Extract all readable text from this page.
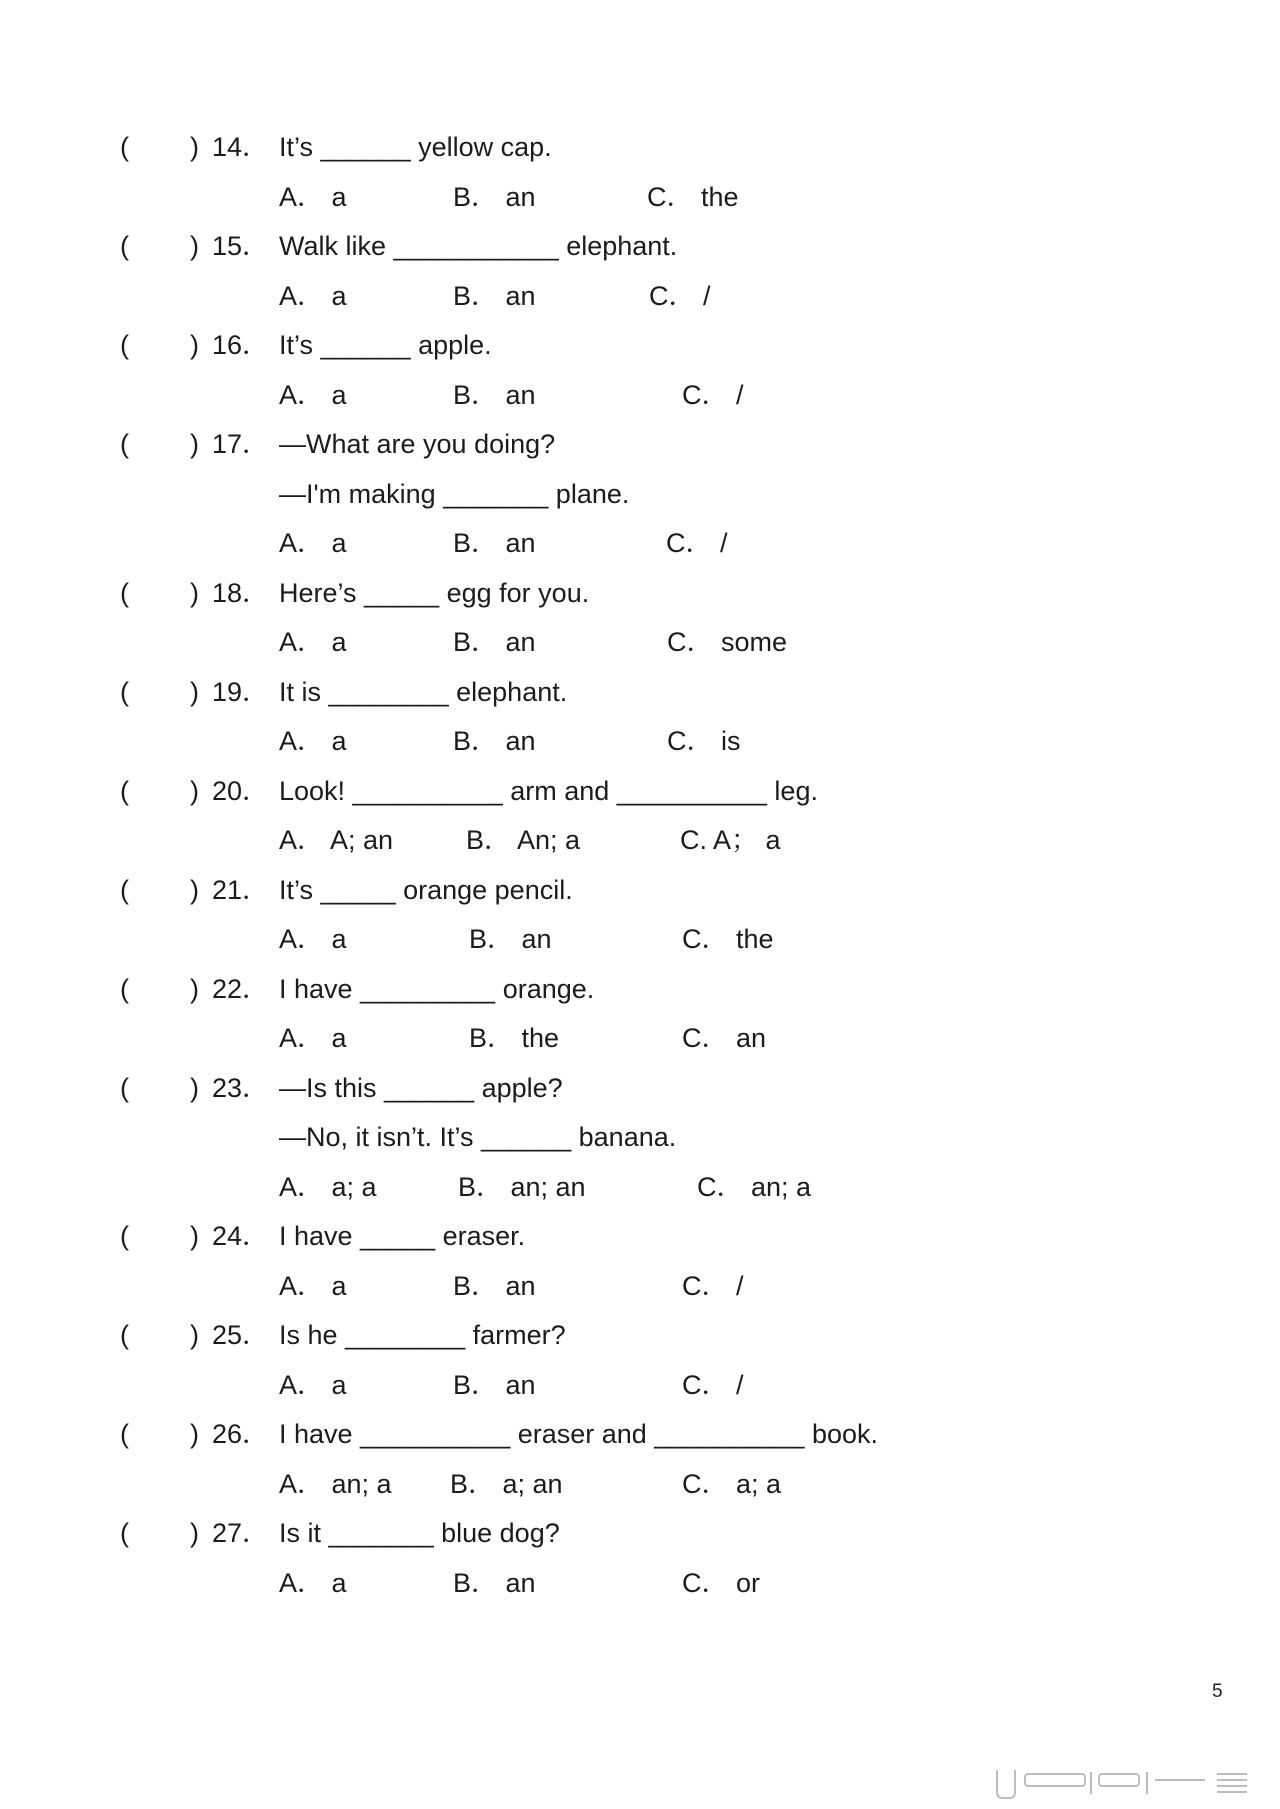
( ) 14． It’s ______ yellow cap.
A． a	B． an	C． the
( ) 15． Walk like ___________ elephant.
A． a	B． an	C． /
( ) 16． It’s ______ apple.
A． a	B． an	C． /
( ) 17． —What are you doing?
—I'm making _______ plane.
A． a	B． an	C． /
( ) 18． Here’s _____ egg for you.
A． a	B． an	C． some
( ) 19． It is ________ elephant.
A． a	B． an	C． is
( ) 20． Look! __________ arm and __________ leg.
A． A; an	B． An; a	C. A； a
( ) 21． It’s _____ orange pencil.
A． a	B． an	C． the
( ) 22． I have _________ orange.
A． a	B． the	C． an
( ) 23． —Is this ______ apple?
—No, it isn’t. It’s ______ banana.
A． a; a	B． an; an	C． an; a
( ) 24． I have _____ eraser.
A． a	B． an	C． /
( ) 25． Is he ________ farmer?
A． a	B． an	C． /
( ) 26． I have __________ eraser and __________ book.
A． an; a B． a; an	C． a; a
( ) 27． Is it _______ blue dog?
A． a	B． an	C． or
5
